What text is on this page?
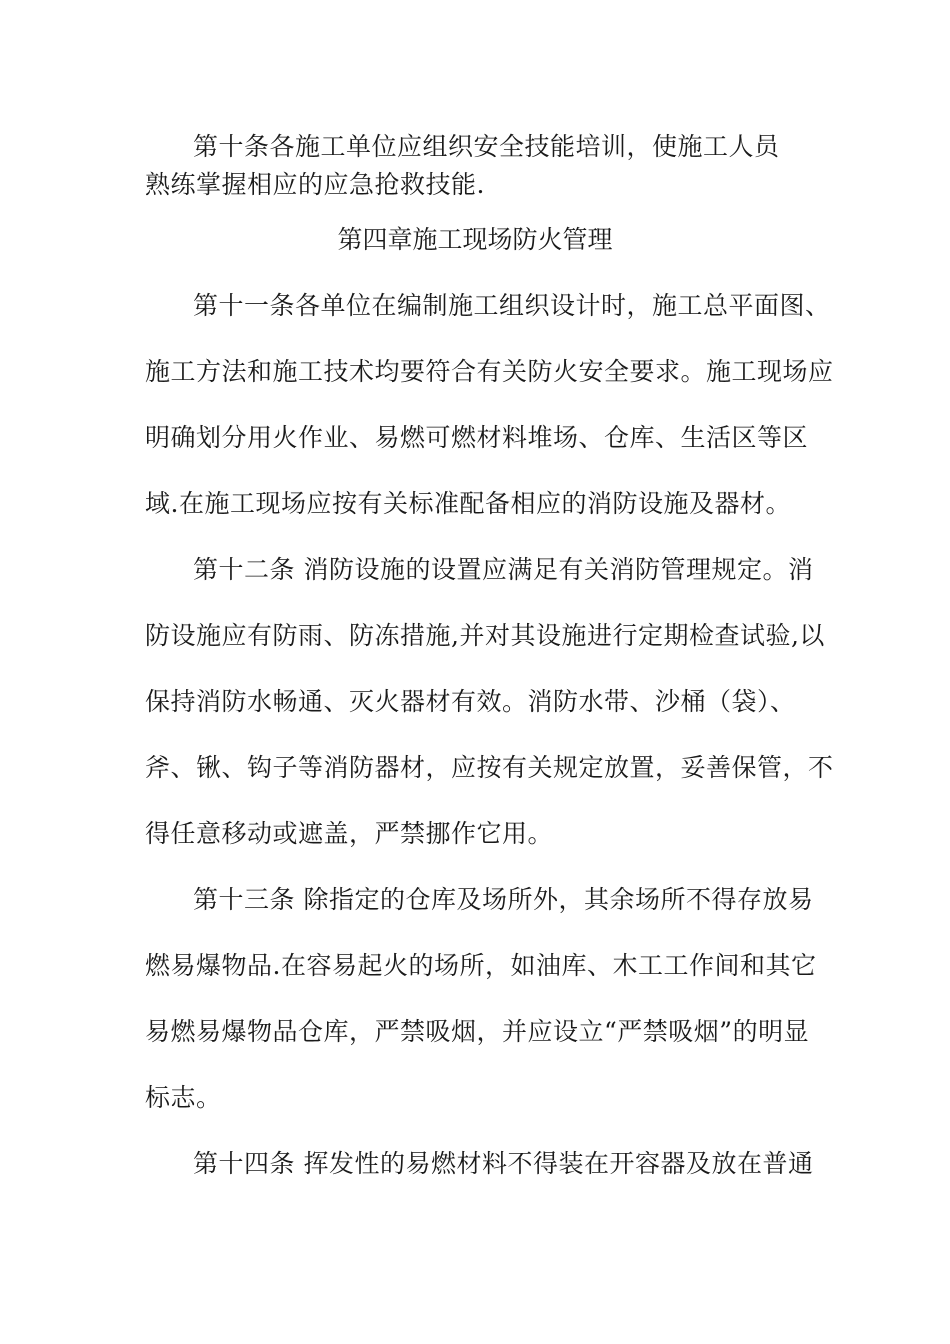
第十条各施工单位应组织安全技能培训，使施工人员
熟练掌握相应的应急抢救技能.
第四章施工现场防火管理
第十一条各单位在编制施工组织设计时，施工总平面图、
施工方法和施工技术均要符合有关防火安全要求。施工现场应
明确划分用火作业、易燃可燃材料堆场、仓库、生活区等区
域.在施工现场应按有关标准配备相应的消防设施及器材。
第十二条 消防设施的设置应满足有关消防管理规定。消
防设施应有防雨、防冻措施,并对其设施进行定期检查试验,以
保持消防水畅通、灭火器材有效。消防水带、沙桶（袋）、
斧、锹、钩子等消防器材，应按有关规定放置，妥善保管，不
得任意移动或遮盖，严禁挪作它用。
第十三条 除指定的仓库及场所外，其余场所不得存放易
燃易爆物品.在容易起火的场所，如油库、木工工作间和其它
易燃易爆物品仓库，严禁吸烟，并应设立“严禁吸烟”的明显
标志。
第十四条 挥发性的易燃材料不得装在开容器及放在普通
